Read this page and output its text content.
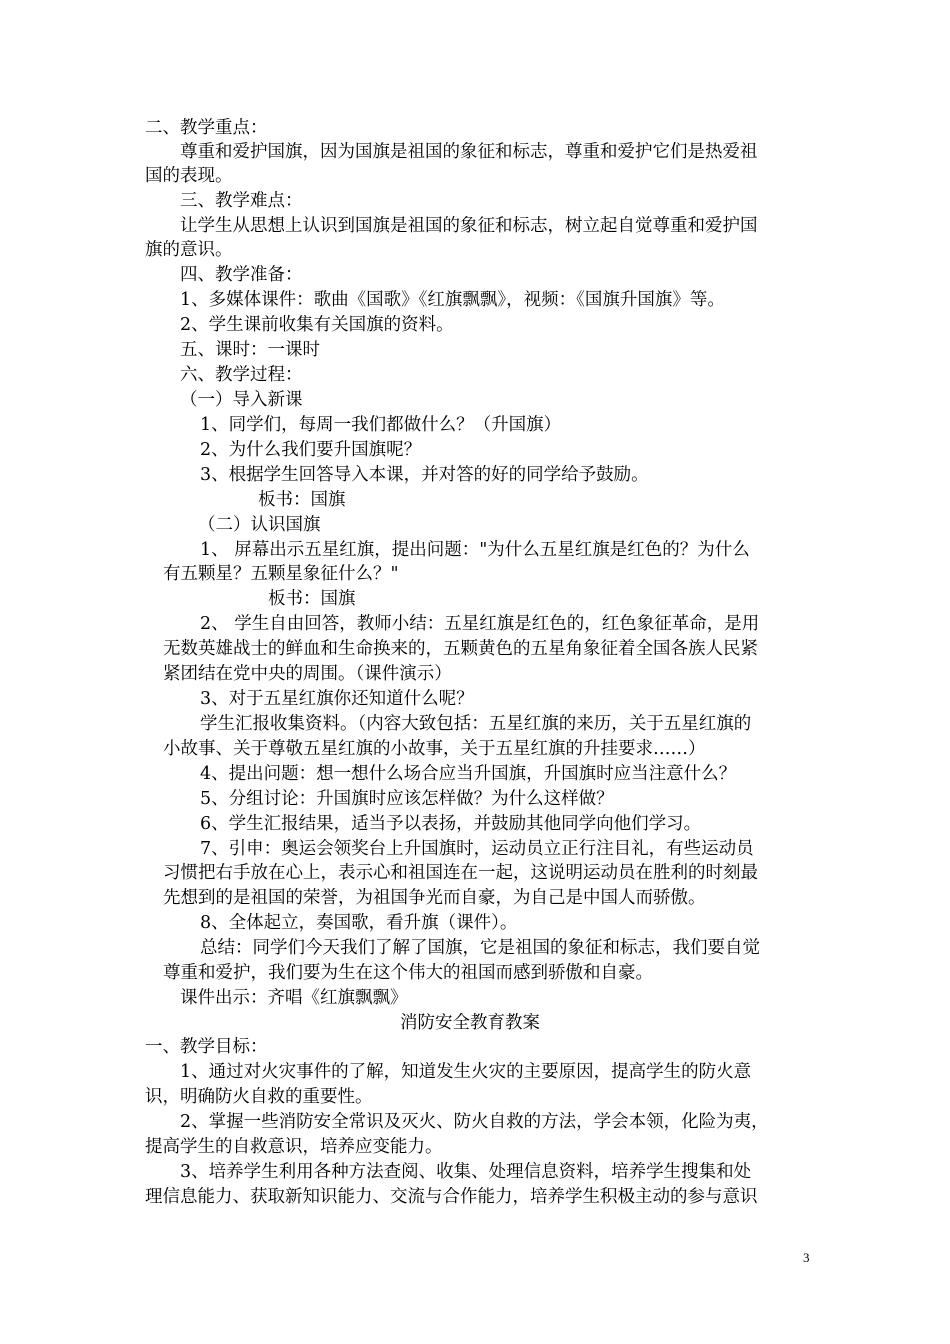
二、教学重点：
尊重和爱护国旗，因为国旗是祖国的象征和标志，尊重和爱护它们是热爱祖
国的表现。
三、教学难点：
让学生从思想上认识到国旗是祖国的象征和标志，树立起自觉尊重和爱护国
旗的意识。
四、教学准备：
1、多媒体课件：歌曲《国歌》《红旗飘飘》，视频：《国旗升国旗》等。
2、学生课前收集有关国旗的资料。
五、课时：一课时
六、教学过程：
（一）导入新课
1、同学们，每周一我们都做什么？（升国旗）
2、为什么我们要升国旗呢？
3、根据学生回答导入本课，并对答的好的同学给予鼓励。
板书：国旗
（二）认识国旗
1、 屏幕出示五星红旗，提出问题："为什么五星红旗是红色的？为什么
有五颗星？五颗星象征什么？"
板书：国旗
2、 学生自由回答，教师小结：五星红旗是红色的，红色象征革命，是用
无数英雄战士的鲜血和生命换来的，五颗黄色的五星角象征着全国各族人民紧
紧团结在党中央的周围。（课件演示）
3、对于五星红旗你还知道什么呢？
学生汇报收集资料。（内容大致包括：五星红旗的来历，关于五星红旗的
小故事、关于尊敬五星红旗的小故事，关于五星红旗的升挂要求……）
4、提出问题：想一想什么场合应当升国旗，升国旗时应当注意什么？
5、分组讨论：升国旗时应该怎样做？为什么这样做？
6、学生汇报结果，适当予以表扬，并鼓励其他同学向他们学习。
7、引申：奥运会领奖台上升国旗时，运动员立正行注目礼，有些运动员
习惯把右手放在心上，表示心和祖国连在一起，这说明运动员在胜利的时刻最
先想到的是祖国的荣誉，为祖国争光而自豪，为自己是中国人而骄傲。
8、全体起立，奏国歌，看升旗（课件）。
总结：同学们今天我们了解了国旗，它是祖国的象征和标志，我们要自觉
尊重和爱护，我们要为生在这个伟大的祖国而感到骄傲和自豪。
课件出示：齐唱《红旗飘飘》
消防安全教育教案
一、教学目标：
1、通过对火灾事件的了解，知道发生火灾的主要原因，提高学生的防火意
识，明确防火自救的重要性。
2、掌握一些消防安全常识及灭火、防火自救的方法，学会本领，化险为夷，
提高学生的自救意识，培养应变能力。
3、培养学生利用各种方法查阅、收集、处理信息资料，培养学生搜集和处
理信息能力、获取新知识能力、交流与合作能力，培养学生积极主动的参与意识
3
